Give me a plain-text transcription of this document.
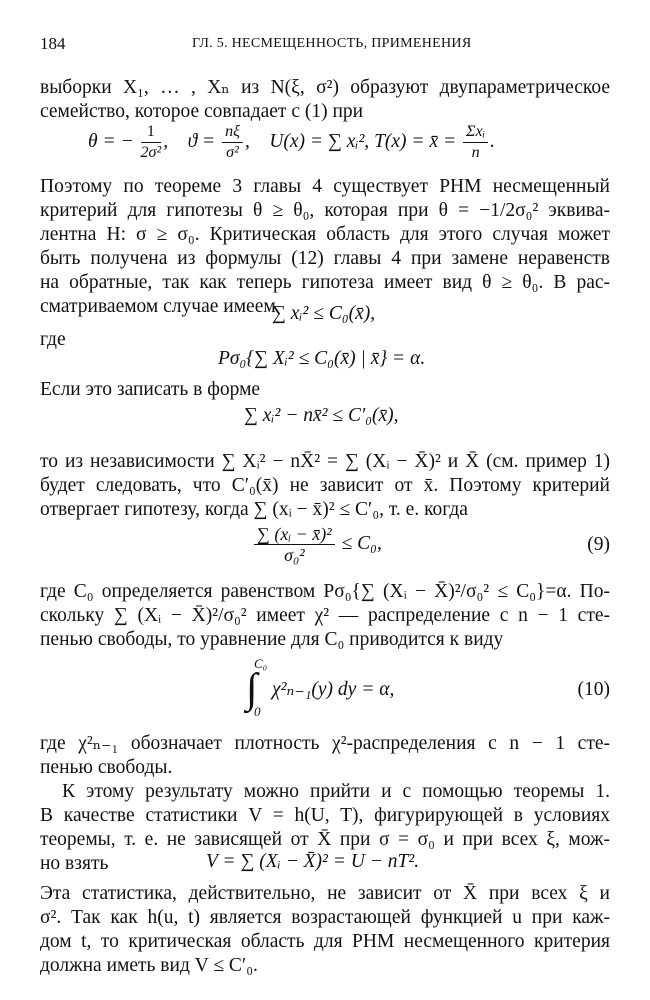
184	ГЛ. 5. НЕСМЕЩЕННОСТЬ, ПРИМЕНЕНИЯ
выборки X₁, … , Xₙ из N(ξ, σ²) образуют двупараметрическое
семейство, которое совпадает с (1) при
θ = − $\frac{1}{\text{2σ²}}$ ,    $ϑ = \frac{n\xi}{\text{σ²}}$ ,    U(x) = ∑ xᵢ², T(x) = x̄ = $\frac{\text{Σxᵢ}}{n}$ .
Поэтому по теореме 3 главы 4 существует РНМ несмещенный
критерий для гипотезы θ ≥ θ₀, которая при θ = −1/2σ₀² эквива-
лентна H: σ ≥ σ₀. Критическая область для этого случая может
быть получена из формулы (12) главы 4 при замене неравенств
на обратные, так как теперь гипотеза имеет вид θ ≥ θ₀. В рас-
сматриваемом случае имеем
∑ xᵢ² ≤ C₀(x̄),
где
Pσ₀{∑ Xᵢ² ≤ C₀(x̄) | x̄} = α.
Если это записать в форме
∑ xᵢ² − nx̄² ≤ C′₀(x̄),
то из независимости ∑ Xᵢ² − nX̄² = ∑ (Xᵢ − X̄)² и X̄ (см. пример 1)
будет следовать, что C′₀(x̄) не зависит от x̄. Поэтому критерий
отвергает гипотезу, когда ∑ (xᵢ − x̄)² ≤ C′₀, т. е. когда
$\frac{\text{∑ (xᵢ − x̄)²}}{\text{σ₀²}} \le C_0$,	(9)
где C₀ определяется равенством Pσ₀{∑ (Xᵢ − X̄)²/σ₀² ≤ C₀}=α. По-
скольку ∑ (Xᵢ − X̄)²/σ₀² имеет χ² — распределение с n − 1 сте-
пенью свободы, то уравнение для C₀ приводится к виду
C₀
∫
0
χ²ₙ₋₁(y) dy = α,	(10)
где χ²ₙ₋₁ обозначает плотность χ²-распределения с n − 1 сте-
пенью свободы.
К этому результату можно прийти и с помощью теоремы 1.
В качестве статистики V = h(U, T), фигурирующей в условиях
теоремы, т. е. не зависящей от X̄ при σ = σ₀ и при всех ξ, мож-
но взять	V = ∑ (Xᵢ − X̄)² = U − nT².
Эта статистика, действительно, не зависит от X̄ при всех ξ и
σ². Так как h(u, t) является возрастающей функцией u при каж-
дом t, то критическая область для РНМ несмещенного критерия
должна иметь вид V ≤ C′₀.
